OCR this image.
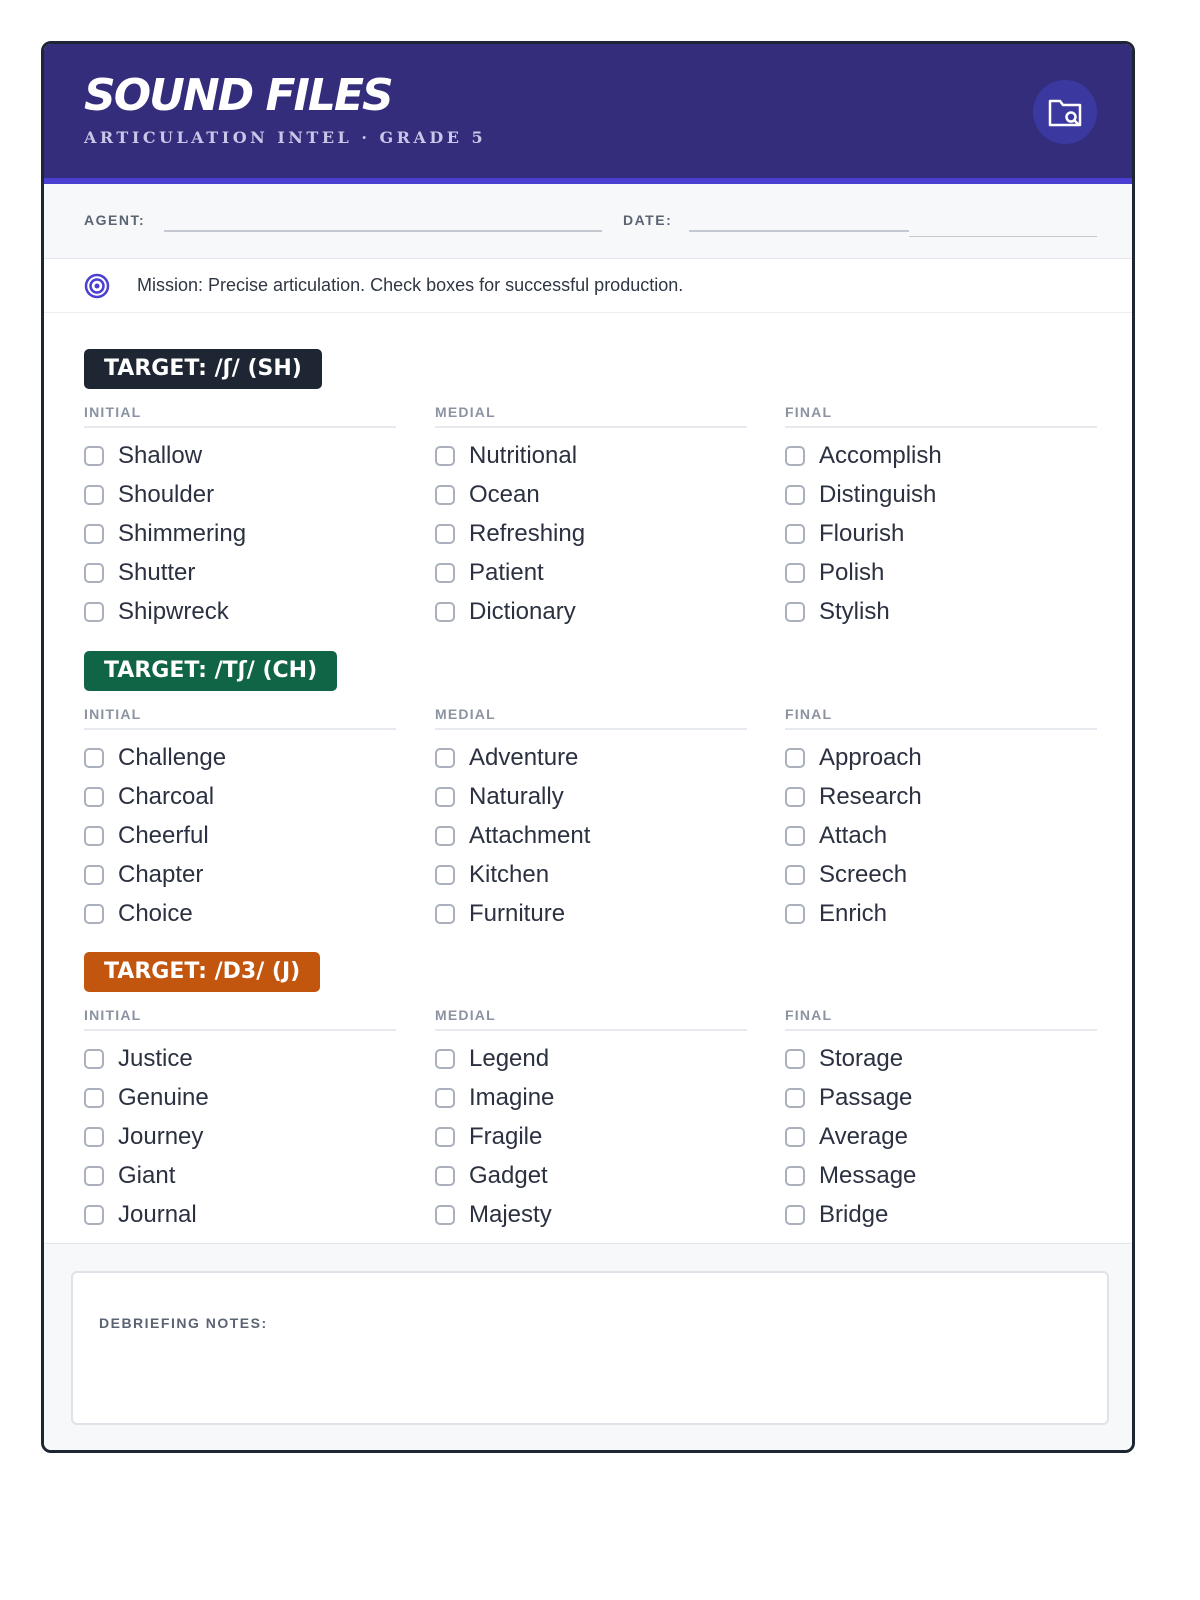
SOUND FILES
ARTICULATION INTEL · GRADE 5
AGENT:	DATE:
Mission: Precise articulation. Check boxes for successful production.
TARGET: /ʃ/ (SH)
INITIAL
Shallow
Shoulder
Shimmering
Shutter
Shipwreck
MEDIAL
Nutritional
Ocean
Refreshing
Patient
Dictionary
FINAL
Accomplish
Distinguish
Flourish
Polish
Stylish
TARGET: /Tʃ/ (CH)
INITIAL
Challenge
Charcoal
Cheerful
Chapter
Choice
MEDIAL
Adventure
Naturally
Attachment
Kitchen
Furniture
FINAL
Approach
Research
Attach
Screech
Enrich
TARGET: /D3/ (J)
INITIAL
Justice
Genuine
Journey
Giant
Journal
MEDIAL
Legend
Imagine
Fragile
Gadget
Majesty
FINAL
Storage
Passage
Average
Message
Bridge
DEBRIEFING NOTES:
